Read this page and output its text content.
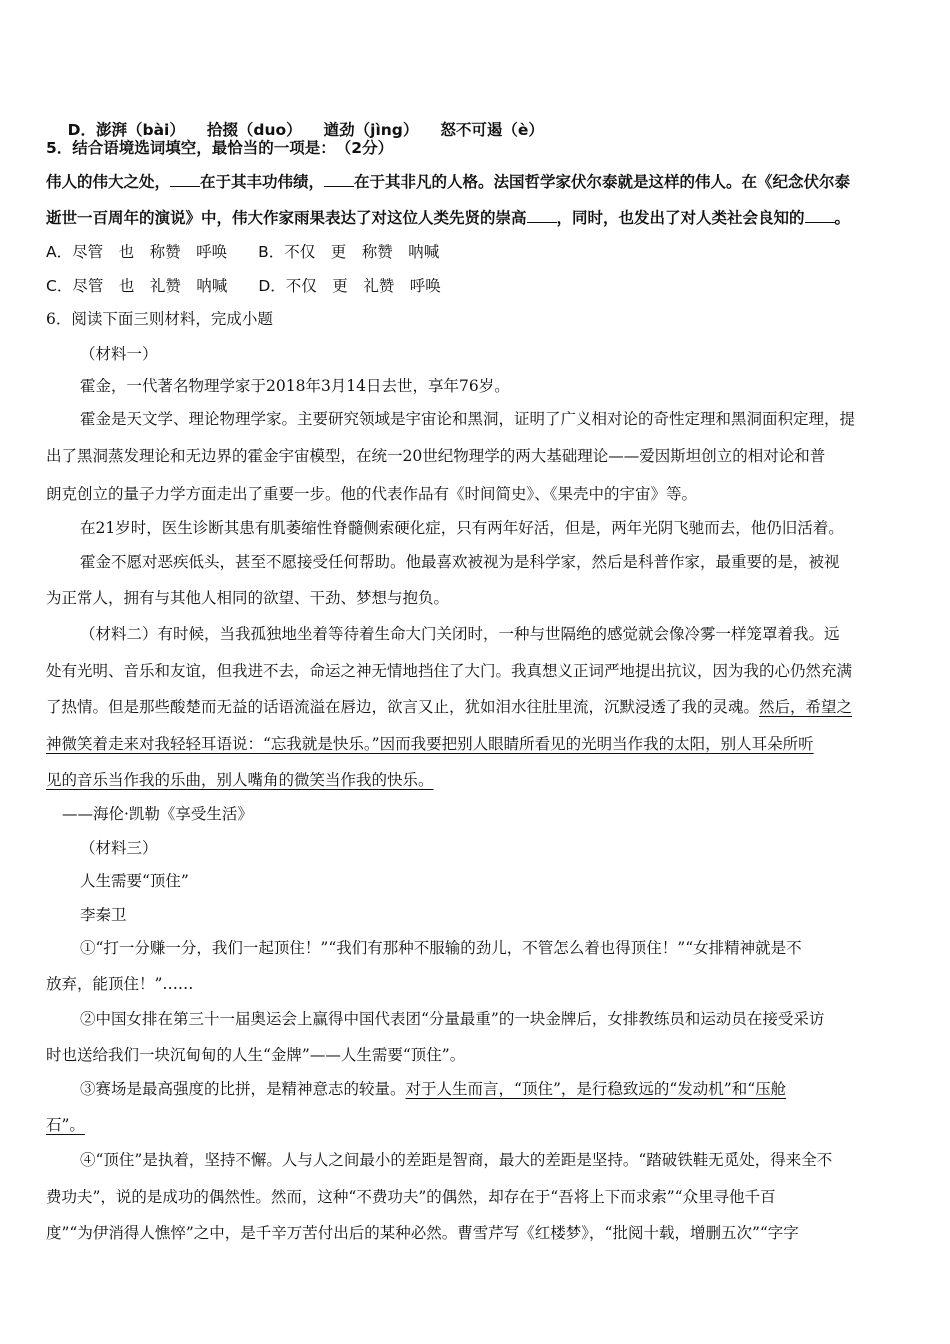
D．澎湃（bài） 拾掇（duo） 遒劲（jìng） 怒不可遏（è）

5．结合语境选词填空，最恰当的一项是：　（2分）
伟人的伟大之处， 在于其丰功伟绩， 在于其非凡的人格。法国哲学家伏尔泰就是这样的伟人。在《纪念伏尔泰
逝世一百周年的演说》中，伟大作家雨果表达了对这位人类先贤的崇高 ，同时，也发出了对人类社会良知的 。
A．尽管　也　称赞　呼唤　　B．不仅　更　称赞　呐喊
C．尽管　也　礼赞　呐喊　　D．不仅　更　礼赞　呼唤
6．阅读下面三则材料，完成小题
（材料一）
霍金，一代著名物理学家于2018年3月14日去世，享年76岁。
霍金是天文学、理论物理学家。主要研究领域是宇宙论和黑洞，证明了广义相对论的奇性定理和黑洞面积定理，提
出了黑洞蒸发理论和无边界的霍金宇宙模型，在统一20世纪物理学的两大基础理论——爱因斯坦创立的相对论和普
朗克创立的量子力学方面走出了重要一步。他的代表作品有《时间简史》、《果壳中的宇宙》等。
在21岁时，医生诊断其患有肌萎缩性脊髓侧索硬化症，只有两年好活，但是，两年光阴飞驰而去，他仍旧活着。
霍金不愿对恶疾低头，甚至不愿接受任何帮助。他最喜欢被视为是科学家，然后是科普作家，最重要的是，被视
为正常人，拥有与其他人相同的欲望、干劲、梦想与抱负。
（材料二）有时候，当我孤独地坐着等待着生命大门关闭时，一种与世隔绝的感觉就会像冷雾一样笼罩着我。远
处有光明、音乐和友谊，但我进不去，命运之神无情地挡住了大门。我真想义正词严地提出抗议，因为我的心仍然充满
了热情。但是那些酸楚而无益的话语流溢在唇边，欲言又止，犹如泪水往肚里流，沉默浸透了我的灵魂。然后，希望之
神微笑着走来对我轻轻耳语说：“忘我就是快乐。”因而我要把别人眼睛所看见的光明当作我的太阳，别人耳朵所听
见的音乐当作我的乐曲，别人嘴角的微笑当作我的快乐。
——海伦·凯勒《享受生活》
（材料三）
人生需要“顶住”
李秦卫
①“打一分赚一分，我们一起顶住！”“我们有那种不服输的劲儿，不管怎么着也得顶住！”“女排精神就是不
放弃，能顶住！”……
②中国女排在第三十一届奥运会上赢得中国代表团“分量最重”的一块金牌后，女排教练员和运动员在接受采访
时也送给我们一块沉甸甸的人生“金牌”——人生需要“顶住”。
③赛场是最高强度的比拼，是精神意志的较量。对于人生而言，“顶住”，是行稳致远的“发动机”和“压舱
石”。
④“顶住”是执着，坚持不懈。人与人之间最小的差距是智商，最大的差距是坚持。“踏破铁鞋无觅处，得来全不
费功夫”，说的是成功的偶然性。然而，这种“不费功夫”的偶然，却存在于“吾将上下而求索”“众里寻他千百
度”“为伊消得人憔悴”之中，是千辛万苦付出后的某种必然。曹雪芹写《红楼梦》，“批阅十载，增删五次”“字字
